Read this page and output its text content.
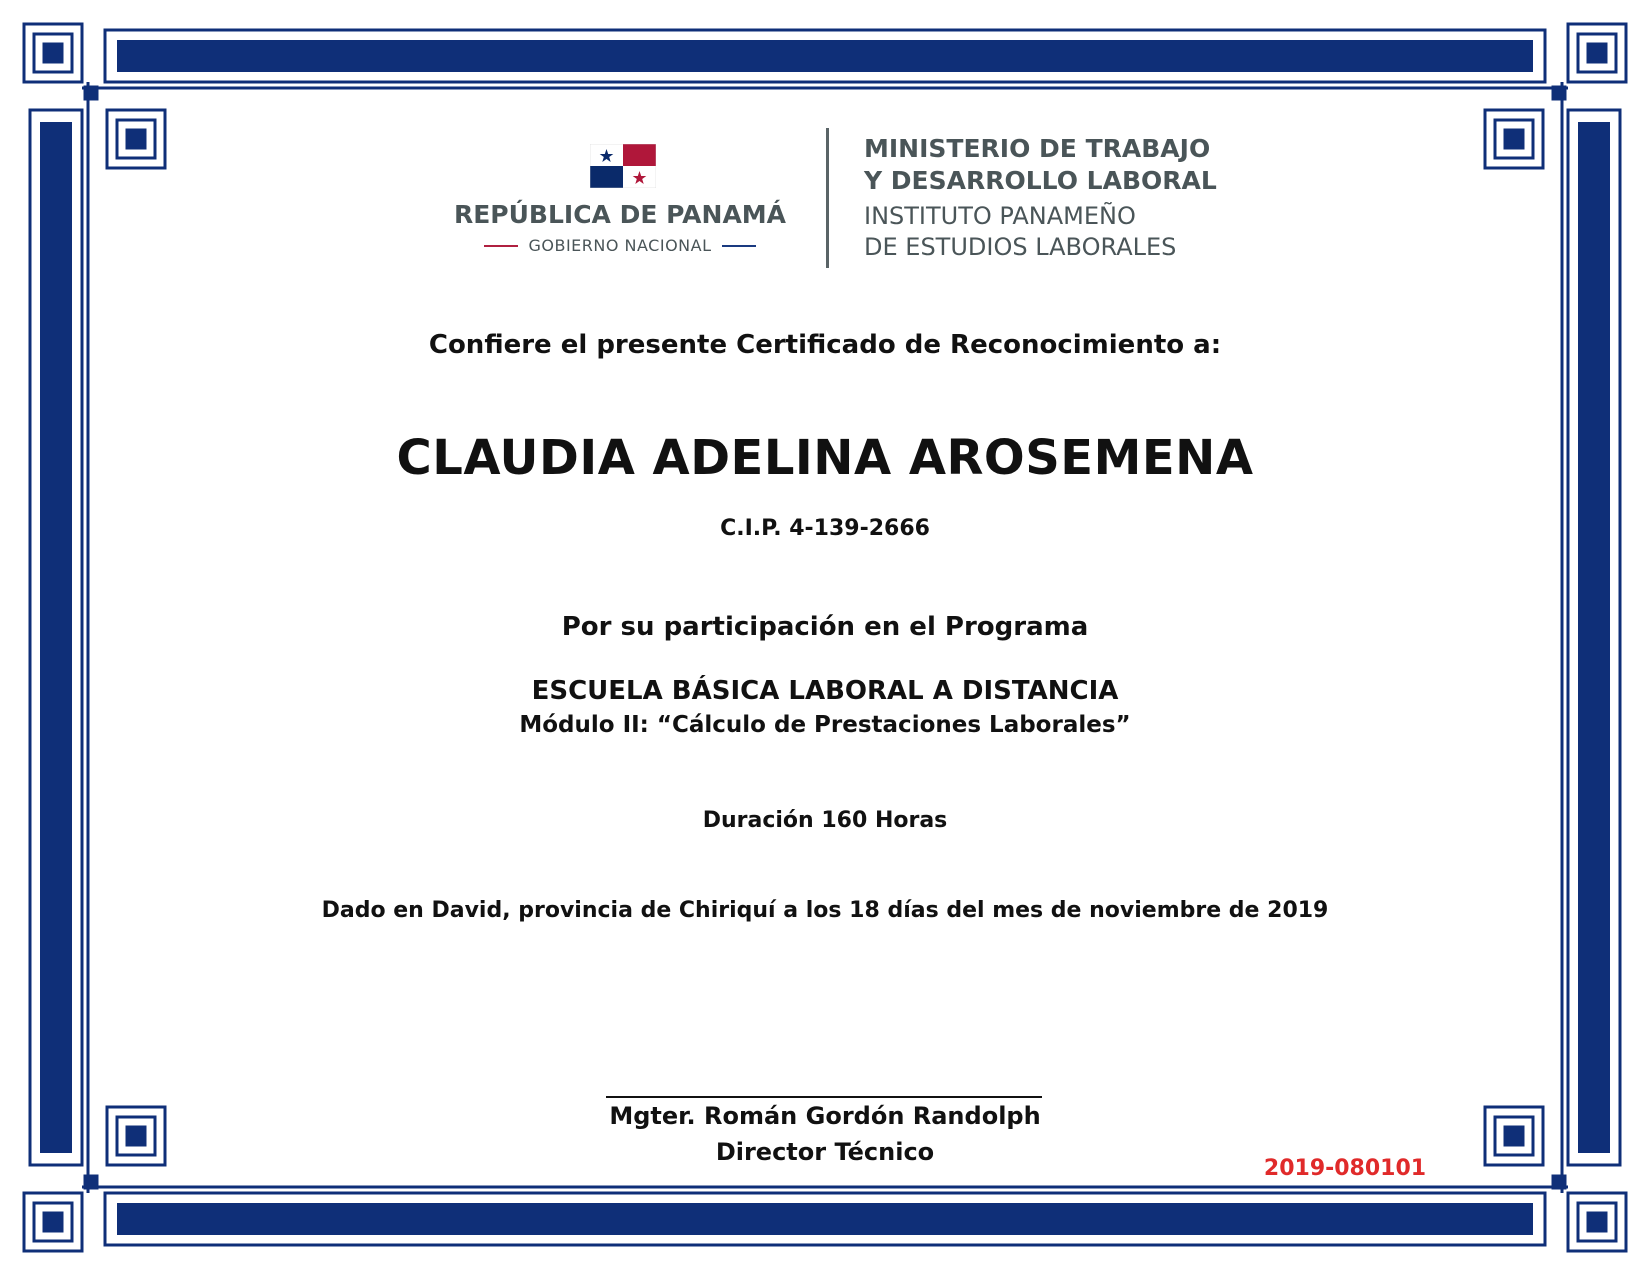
REPÚBLICA DE PANAMÁ
GOBIERNO NACIONAL
MINISTERIO DE TRABAJO
Y DESARROLLO LABORAL
INSTITUTO PANAMEÑO
DE ESTUDIOS LABORALES
Confiere el presente Certificado de Reconocimiento a:
CLAUDIA ADELINA AROSEMENA
C.I.P. 4-139-2666
Por su participación en el Programa
ESCUELA BÁSICA LABORAL A DISTANCIA
Módulo II: “Cálculo de Prestaciones Laborales”
Duración 160 Horas
Dado en David, provincia de Chiriquí a los 18 días del mes de noviembre de 2019
Mgter. Román Gordón Randolph
Director Técnico
2019-080101
